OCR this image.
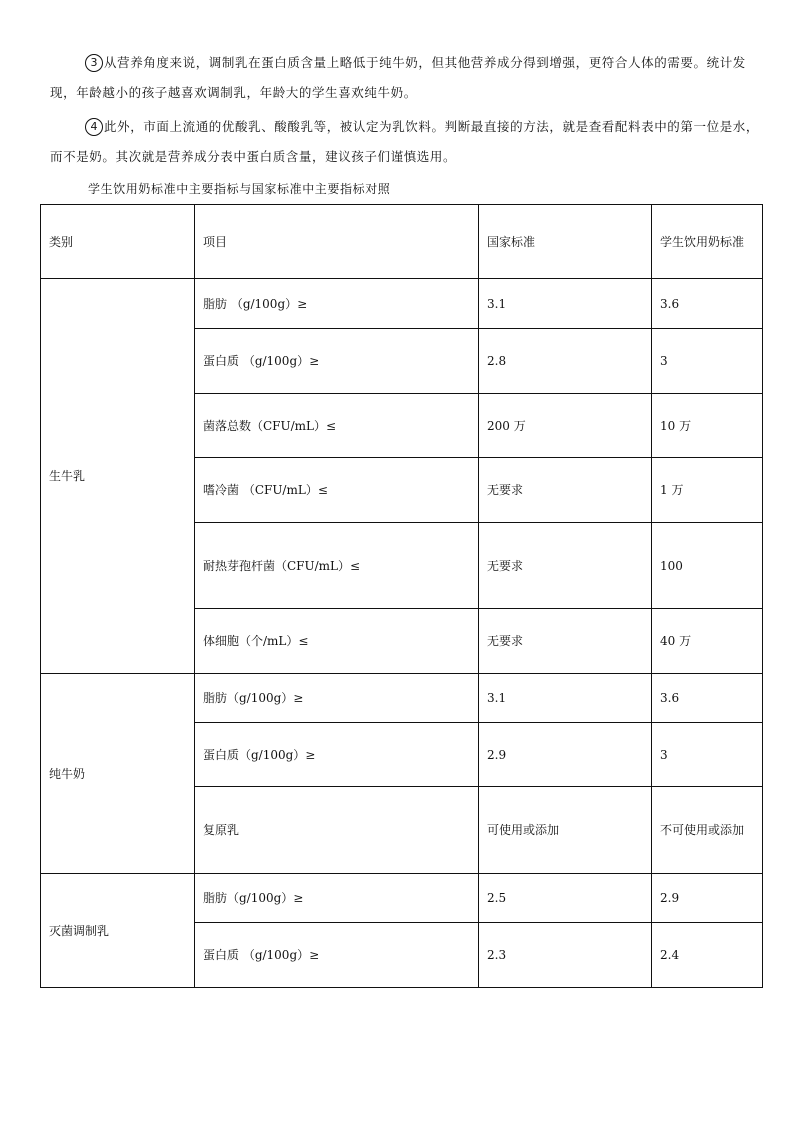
3 从营养角度来说，调制乳在蛋白质含量上略低于纯牛奶，但其他营养成分得到增强，更符合人体的需要。统计发现，年龄越小的孩子越喜欢调制乳，年龄大的学生喜欢纯牛奶。

4 此外，市面上流通的优酸乳、酸酸乳等，被认定为乳饮料。判断最直接的方法，就是查看配料表中的第一位是水，而不是奶。其次就是营养成分表中蛋白质含量，建议孩子们谨慎选用。

学生饮用奶标准中主要指标与国家标准中主要指标对照

类别	项目	国家标准	学生饮用奶标准
生牛乳	脂肪 （g/100g）≥	3.1	3.6
	蛋白质 （g/100g）≥	2.8	3
	菌落总数（CFU/mL）≤	200 万	10 万
	嗜冷菌 （CFU/mL）≤	无要求	1 万
	耐热芽孢杆菌（CFU/mL）≤	无要求	100
	体细胞（个/mL）≤	无要求	40 万
纯牛奶	脂肪（g/100g）≥	3.1	3.6
	蛋白质（g/100g）≥	2.9	3
	复原乳	可使用或添加	不可使用或添加
灭菌调制乳	脂肪（g/100g）≥	2.5	2.9
	蛋白质 （g/100g）≥	2.3	2.4
